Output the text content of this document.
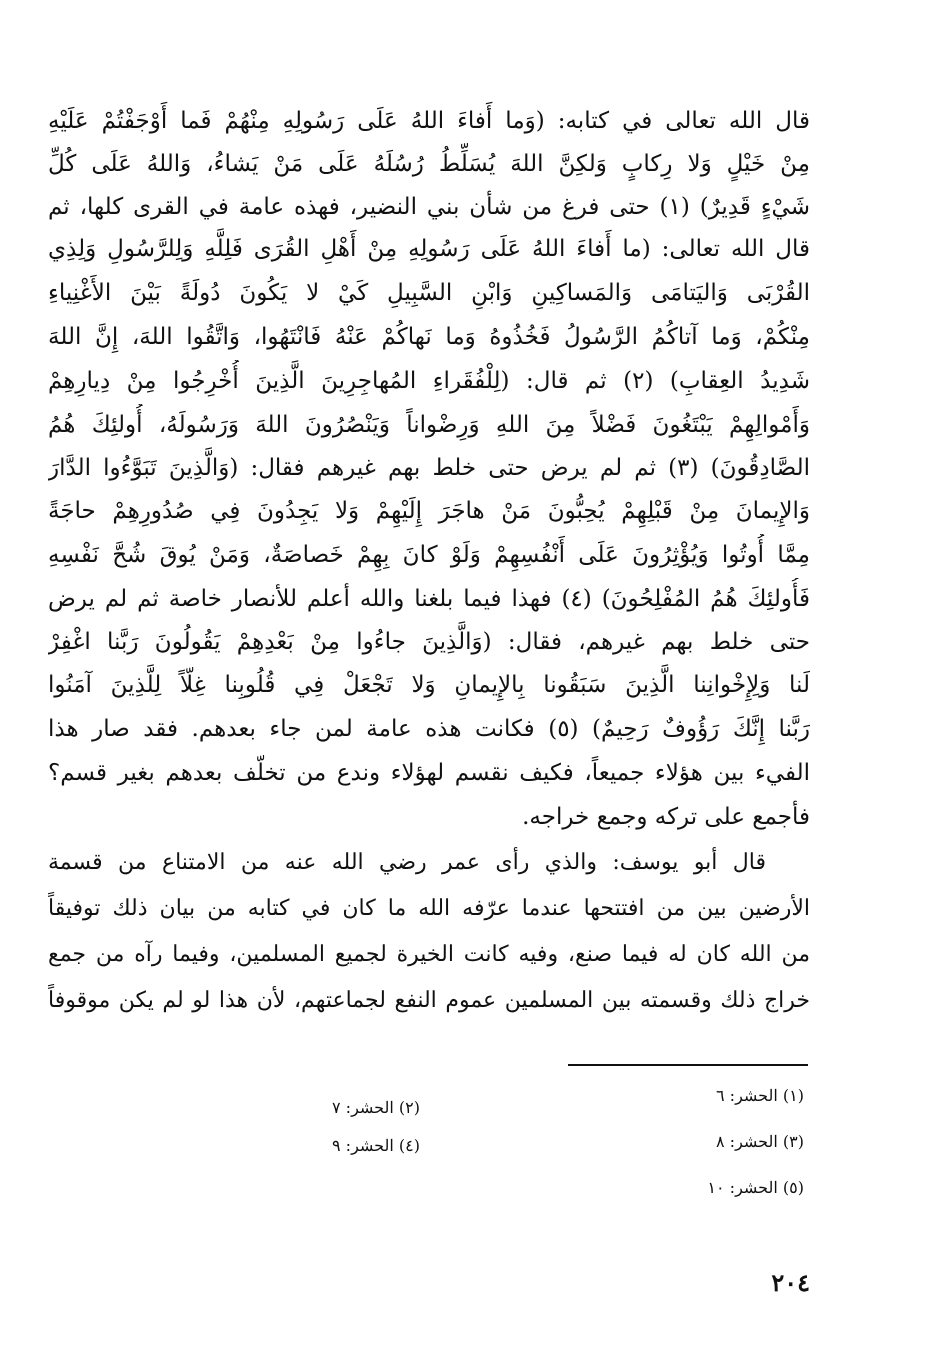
قال الله تعالى في كتابه: (وَما أَفاءَ اللهُ عَلَى رَسُولِهِ مِنْهُمْ فَما أَوْجَفْتُمْ عَلَيْهِ
مِنْ خَيْلٍ وَلا رِكابٍ وَلكِنَّ اللهَ يُسَلِّطُ رُسُلَهُ عَلَى مَنْ يَشاءُ، وَاللهُ عَلَى كُلِّ
شَيْءٍ قَدِيرٌ) (١) حتى فرغ من شأن بني النضير، فهذه عامة في القرى كلها، ثم
قال الله تعالى: (ما أَفاءَ اللهُ عَلَى رَسُولِهِ مِنْ أَهْلِ القُرَى فَلِلَّهِ وَلِلرَّسُولِ وَلِذِي
القُرْبَى وَاليَتامَى وَالمَساكِينِ وَابْنِ السَّبِيلِ كَيْ لا يَكُونَ دُولَةً بَيْنَ الأَغْنِياءِ
مِنْكُمْ، وَما آتاكُمُ الرَّسُولُ فَخُذُوهُ وَما نَهاكُمْ عَنْهُ فَانْتَهُوا، وَاتَّقُوا اللهَ، إِنَّ اللهَ
شَدِيدُ العِقابِ) (٢) ثم قال: (لِلْفُقَراءِ المُهاجِرِينَ الَّذِينَ أُخْرِجُوا مِنْ دِيارِهِمْ
وَأَمْوالِهِمْ يَبْتَغُونَ فَضْلاً مِنَ اللهِ وَرِضْواناً وَيَنْصُرُونَ اللهَ وَرَسُولَهُ، أُولئِكَ هُمُ
الصَّادِقُونَ) (٣) ثم لم يرض حتى خلط بهم غيرهم فقال: (وَالَّذِينَ تَبَوَّءُوا الدَّارَ
وَالإِيمانَ مِنْ قَبْلِهِمْ يُحِبُّونَ مَنْ هاجَرَ إِلَيْهِمْ وَلا يَجِدُونَ فِي صُدُورِهِمْ حاجَةً
مِمَّا أُوتُوا وَيُؤْثِرُونَ عَلَى أَنْفُسِهِمْ وَلَوْ كانَ بِهِمْ خَصاصَةٌ، وَمَنْ يُوقَ شُحَّ نَفْسِهِ
فَأُولئِكَ هُمُ المُفْلِحُونَ) (٤) فهذا فيما بلغنا والله أعلم للأنصار خاصة ثم لم يرض
حتى خلط بهم غيرهم، فقال: (وَالَّذِينَ جاءُوا مِنْ بَعْدِهِمْ يَقُولُونَ رَبَّنا اغْفِرْ
لَنا وَلِإِخْوانِنا الَّذِينَ سَبَقُونا بِالإِيمانِ وَلا تَجْعَلْ فِي قُلُوبِنا غِلّاً لِلَّذِينَ آمَنُوا
رَبَّنا إِنَّكَ رَؤُوفٌ رَحِيمٌ) (٥) فكانت هذه عامة لمن جاء بعدهم. فقد صار هذا
الفيء بين هؤلاء جميعاً، فكيف نقسم لهؤلاء وندع من تخلّف بعدهم بغير قسم؟
فأجمع على تركه وجمع خراجه.
قال أبو يوسف: والذي رأى عمر رضي الله عنه من الامتناع من قسمة
الأرضين بين من افتتحها عندما عرّفه الله ما كان في كتابه من بيان ذلك توفيقاً
من الله كان له فيما صنع، وفيه كانت الخيرة لجميع المسلمين، وفيما رآه من جمع
خراج ذلك وقسمته بين المسلمين عموم النفع لجماعتهم، لأن هذا لو لم يكن موقوفاً
(١) الحشر: ٦
(٢) الحشر: ٧
(٣) الحشر: ٨
(٤) الحشر: ٩
(٥) الحشر: ١٠
٢٠٤
